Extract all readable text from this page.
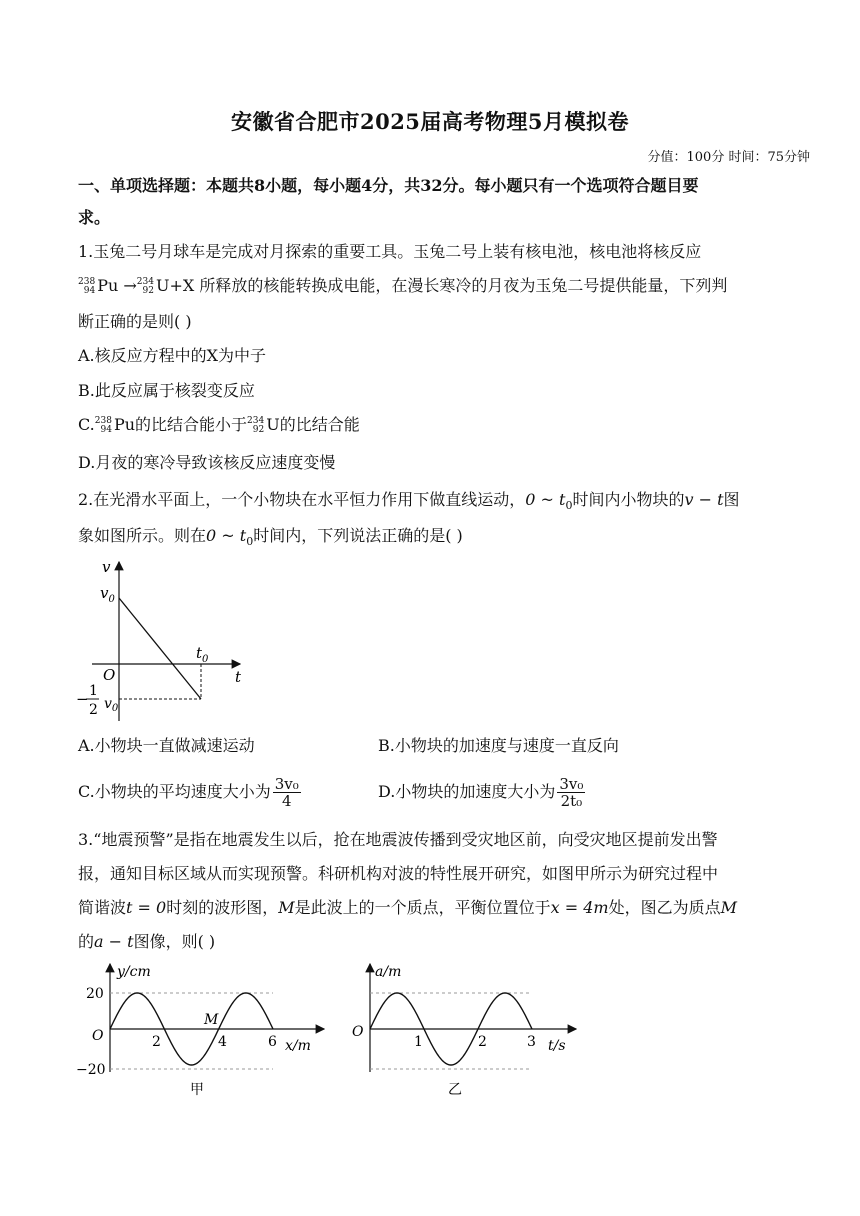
安徽省合肥市2025届高考物理5月模拟卷
分值：100分 时间：75分钟
一、单项选择题：本题共8小题，每小题4分，共32分。每小题只有一个选项符合题目要
求。
1.玉兔二号月球车是完成对月探索的重要工具。玉兔二号上装有核电池，核电池将核反应
238
94 Pu → 234
92 U+X 所释放的核能转换成电能，在漫长寒冷的月夜为玉兔二号提供能量，下列判
断正确的是则( )
A.核反应方程中的X为中子
B.此反应属于核裂变反应
C. 238
94 Pu的比结合能小于 234
92 U的比结合能
D.月夜的寒冷导致该核反应速度变慢
2.在光滑水平面上，一个小物块在水平恒力作用下做直线运动，0 ~ $t_0$时间内小物块的v − t图
象如图所示。则在0 ~ $t_0$时间内，下列说法正确的是( )
v
t
O
$v_0$
$t_0$
− 1
2 $v_0$
A.小物块一直做减速运动	B.小物块的加速度与速度一直反向
C.小物块的平均速度大小为 $\frac{\text{3v₀}}{4}$	D.小物块的加速度大小为 $\frac{\text{3v₀}}{\text{2t₀}}$
3.“地震预警”是指在地震发生以后，抢在地震波传播到受灾地区前，向受灾地区提前发出警
报，通知目标区域从而实现预警。科研机构对波的特性展开研究，如图甲所示为研究过程中
简谐波t = 0时刻的波形图，M是此波上的一个质点，平衡位置位于x = 4m处，图乙为质点M
的a − t图像，则( )
y/cm
x/m
O
20
−20
2	4	6
M
甲
a/m
t/s
O
1	2	3
乙
